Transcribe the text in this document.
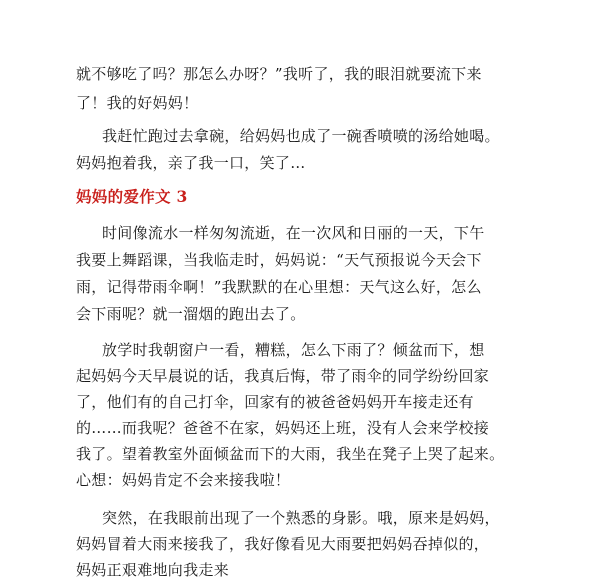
就不够吃了吗？那怎么办呀？”我听了，我的眼泪就要流下来
了！我的好妈妈！
我赶忙跑过去拿碗，给妈妈也成了一碗香喷喷的汤给她喝。
妈妈抱着我，亲了我一口，笑了…
妈妈的爱作文 3
时间像流水一样匆匆流逝，在一次风和日丽的一天，下午
我要上舞蹈课，当我临走时，妈妈说：“天气预报说今天会下
雨，记得带雨伞啊！”我默默的在心里想：天气这么好，怎么
会下雨呢？就一溜烟的跑出去了。
放学时我朝窗户一看，糟糕，怎么下雨了？倾盆而下，想
起妈妈今天早晨说的话，我真后悔，带了雨伞的同学纷纷回家
了，他们有的自己打伞，回家有的被爸爸妈妈开车接走还有
的……而我呢？爸爸不在家，妈妈还上班，没有人会来学校接
我了。望着教室外面倾盆而下的大雨，我坐在凳子上哭了起来。
心想：妈妈肯定不会来接我啦！
突然，在我眼前出现了一个熟悉的身影。哦，原来是妈妈，
妈妈冒着大雨来接我了，我好像看见大雨要把妈妈吞掉似的，
妈妈正艰难地向我走来
